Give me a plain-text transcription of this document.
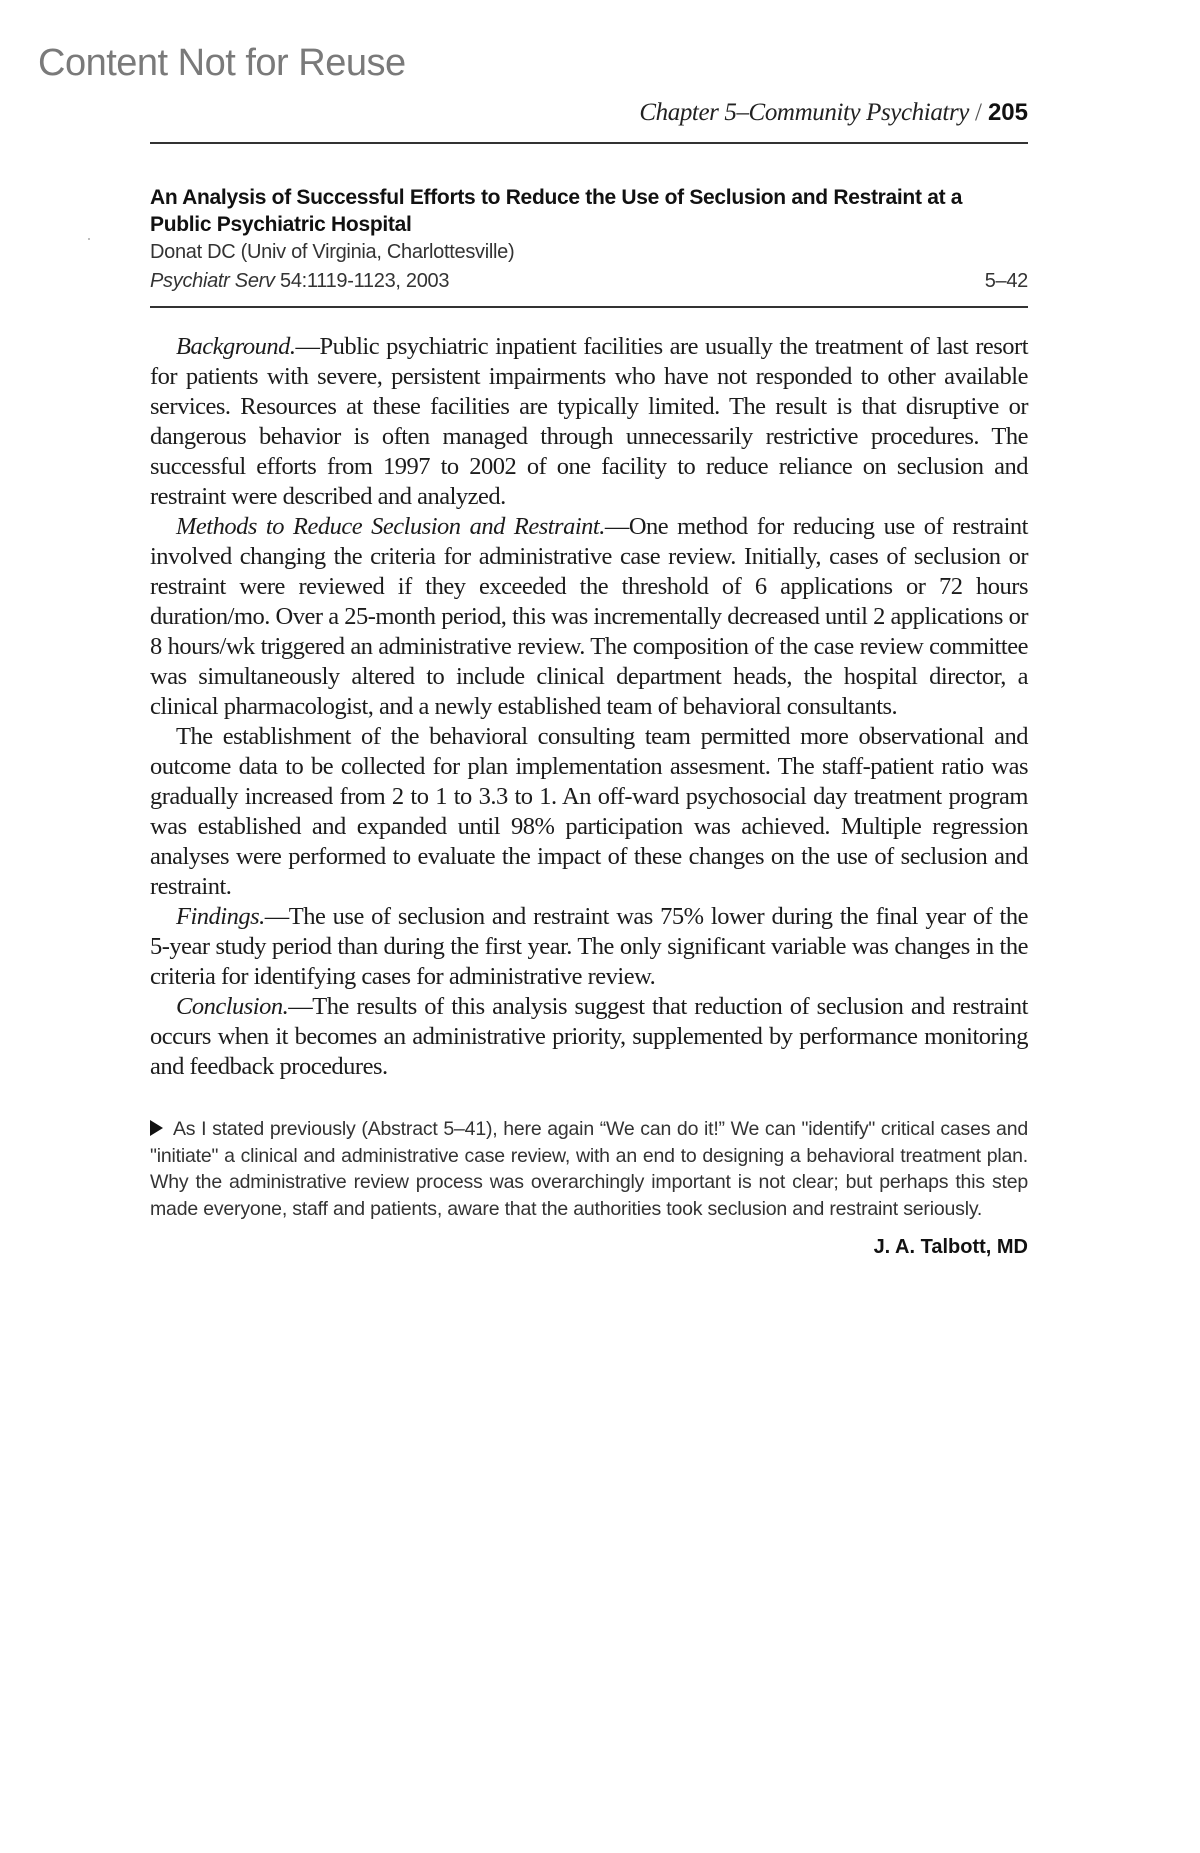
Content Not for Reuse
Chapter 5–Community Psychiatry / 205
An Analysis of Successful Efforts to Reduce the Use of Seclusion and Restraint at a Public Psychiatric Hospital
Donat DC (Univ of Virginia, Charlottesville)
Psychiatr Serv 54:1119-1123, 2003	5–42

Background.—Public psychiatric inpatient facilities are usually the treatment of last resort for patients with severe, persistent impairments who have not responded to other available services. Resources at these facilities are typically limited. The result is that disruptive or dangerous behavior is often managed through unnecessarily restrictive procedures. The successful efforts from 1997 to 2002 of one facility to reduce reliance on seclusion and restraint were described and analyzed.

Methods to Reduce Seclusion and Restraint.—One method for reducing use of restraint involved changing the criteria for administrative case review. Initially, cases of seclusion or restraint were reviewed if they exceeded the threshold of 6 applications or 72 hours duration/mo. Over a 25-month period, this was incrementally decreased until 2 applications or 8 hours/wk triggered an administrative review. The composition of the case review committee was simultaneously altered to include clinical department heads, the hospital director, a clinical pharmacologist, and a newly established team of behavioral consultants.

The establishment of the behavioral consulting team permitted more observational and outcome data to be collected for plan implementation assesment. The staff-patient ratio was gradually increased from 2 to 1 to 3.3 to 1. An off-ward psychosocial day treatment program was established and expanded until 98% participation was achieved. Multiple regression analyses were performed to evaluate the impact of these changes on the use of seclusion and restraint.

Findings.—The use of seclusion and restraint was 75% lower during the final year of the 5-year study period than during the first year. The only significant variable was changes in the criteria for identifying cases for administrative review.

Conclusion.—The results of this analysis suggest that reduction of seclusion and restraint occurs when it becomes an administrative priority, supplemented by performance monitoring and feedback procedures.

As I stated previously (Abstract 5–41), here again “We can do it!” We can "identify" critical cases and "initiate" a clinical and administrative case review, with an end to designing a behavioral treatment plan. Why the administrative review process was overarchingly important is not clear; but perhaps this step made everyone, staff and patients, aware that the authorities took seclusion and restraint seriously.
J. A. Talbott, MD
